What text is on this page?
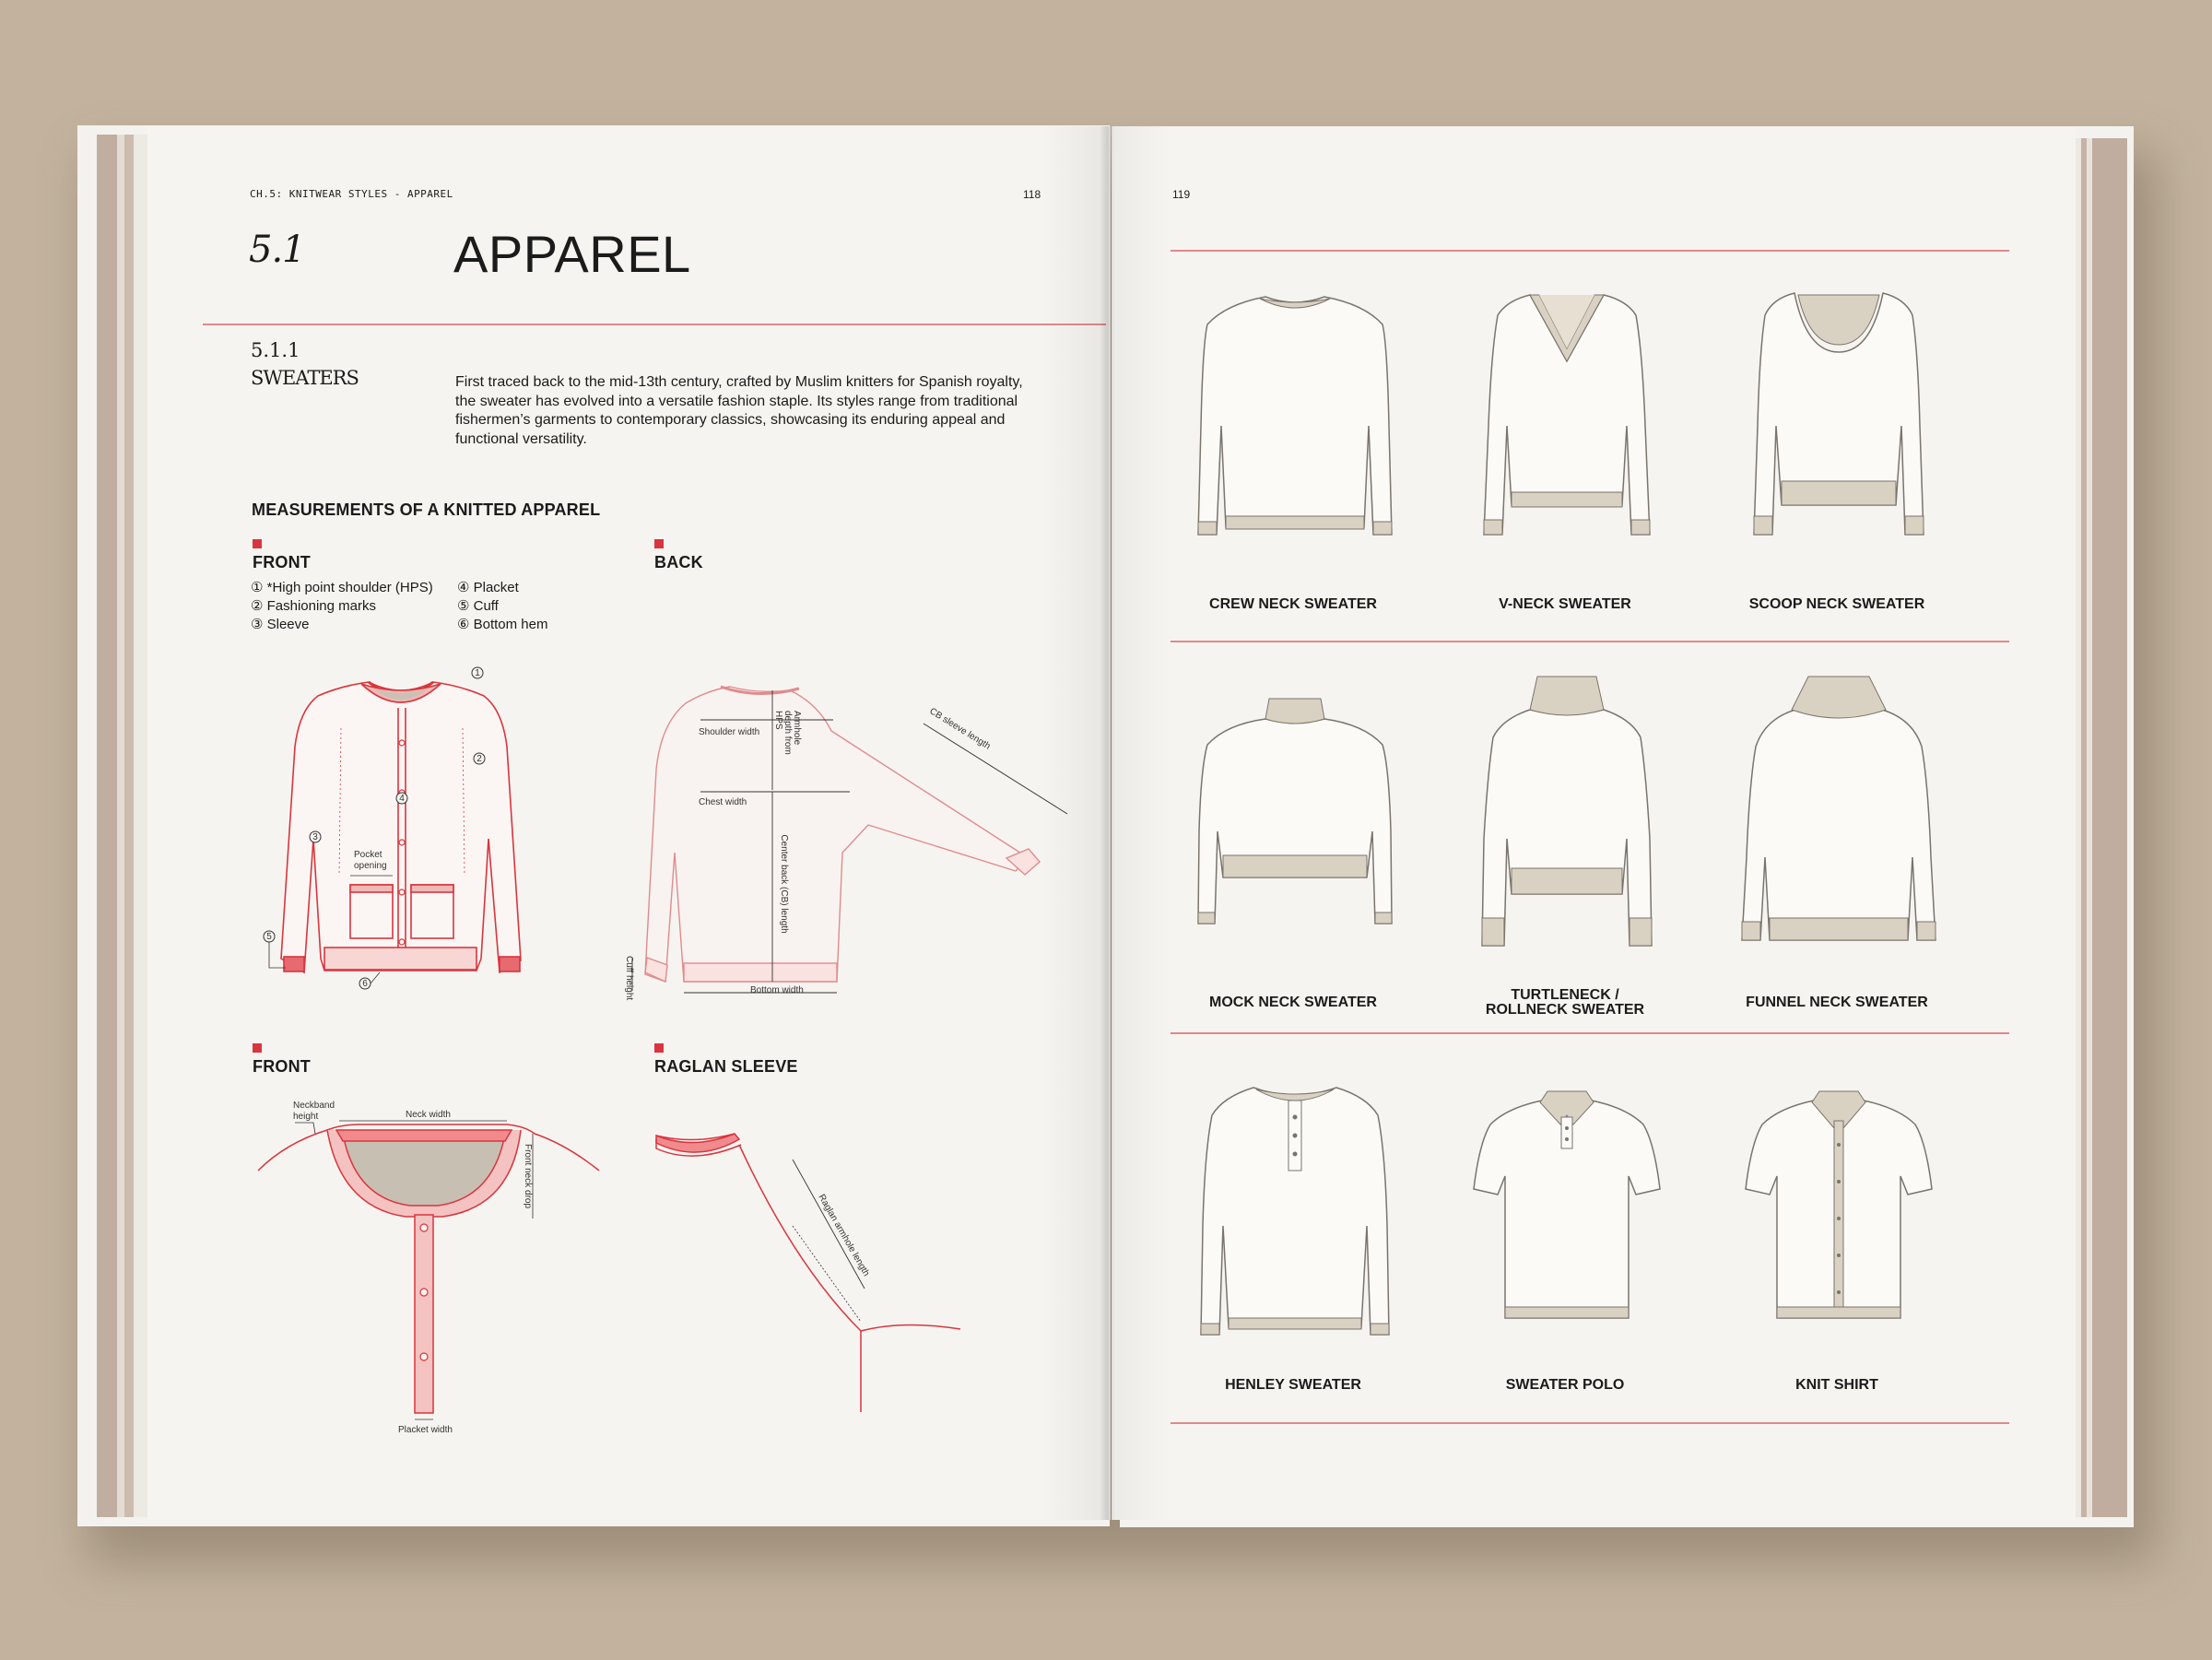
CH.5: KNITWEAR STYLES - APPAREL	118
5.1	APPAREL
5.1.1
SWEATERS	First traced back to the mid-13th century, crafted by Muslim knitters for Spanish royalty, the sweater has evolved into a versatile fashion staple. Its styles range from traditional fishermen’s garments to contemporary classics, showcasing its enduring appeal and functional versatility.
MEASUREMENTS OF A KNITTED APPAREL
FRONT
① *High point shoulder (HPS)
② Fashioning marks
③ Sleeve
④ Placket
⑤ Cuff
⑥ Bottom hem
BACK
1
2
3
4
5
6
Pocket
opening
Shoulder width
Chest width
Center back (CB) length
Armhole
depth from
HPS	CB sleeve length
Bottom width
Cuff height
FRONT
Neckband
height	Neck width
Front neck drop
Placket width
RAGLAN SLEEVE
Raglan armhole length
119
CREW NECK SWEATER	V-NECK SWEATER	SCOOP NECK SWEATER
MOCK NECK SWEATER	TURTLENECK /
ROLLNECK SWEATER	FUNNEL NECK SWEATER
HENLEY SWEATER	SWEATER POLO	KNIT SHIRT
